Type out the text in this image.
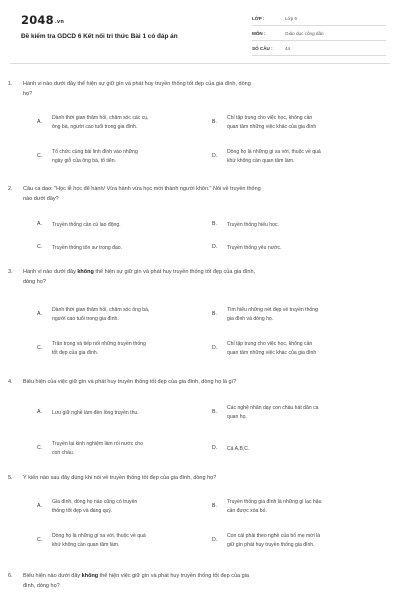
2048.vn
Đề kiểm tra GDCD 6 Kết nối tri thức Bài 1 có đáp án
LỚP :	Lớp 6
MÔN :	Giáo dục công dân
SỐ CÂU :	44
1. Hành vi nào dưới đây thể hiện sự giữ gìn và phát huy truyền thống tốt đẹp của gia đình, dòng
họ?
A.
Dành thời gian thăm hỏi, chăm sóc các cụ,
ông bà, người cao tuổi trong gia đình.
B.
Chỉ tập trung cho việc học, không cần
quan tâm những việc khác của gia đình
C.
Tổ chức cúng bái linh đình vào những
ngày giỗ của ông bà, tổ tiên.
D.
Dòng họ là những gì xa vời, thuộc về quá
khứ không cần quan tâm làm.
2. Câu ca dao: "Học lễ học để hành/ Vừa hành vừa học mới thành người khôn." Nói về truyền thống
nào dưới đây?
A. Truyền thống cần cù lao động.	B. Truyền thống hiếu học.
C. Truyền thống tôn sư trọng đạo.	D. Truyền thống yêu nước.
3. Hành vi nào dưới đây không thể hiện sự giữ gìn và phát huy truyền thống tốt đẹp của gia đình,
dòng họ?
A.
Dành thời gian thăm hỏi, chăm sóc ông bà,
người cao tuổi trong gia đình.
B.
Tìm hiểu những nét đẹp về truyền thống
gia đình và dòng họ.
C.
Trân trọng và tiếp nối những truyền thống
tốt đẹp của gia đình.
D.
Chỉ tập trung cho việc học, không cần
quan tâm những việc khác của gia đình
4. Biểu hiện của việc giữ gìn và phát huy truyền thống tốt đẹp của gia đình, dòng họ là gì?
A. Lưu giữ nghề làm đèn lồng truyền thu.	B.
Các nghệ nhân dạy con cháu hát dân ca
quan họ.
C.
Truyền lại kinh nghiệm làm rối nước cho
con cháu.
D. Cả A,B,C.
5. Ý kiến nào sau đây đúng khi nói về truyền thống tốt đẹp của gia đình, dòng họ?
A.
Gia đình, dòng họ nào cũng có truyền
thống tốt đẹp và đáng quý.
B.
Truyền thống gia đình là những gì lạc hậu
cần được xóa bỏ.
C.
Dòng họ là những gì xa vời, thuộc về quá
khứ không cần quan tâm làm.
D.
Con cái phải theo nghề của bố mẹ mới là
giữ gìn phát huy truyền thống gia đình.
6. Biểu hiện nào dưới đây không thể hiện việc giữ gìn và phát huy truyền thống tốt đẹp của gia
đình, dòng họ?
